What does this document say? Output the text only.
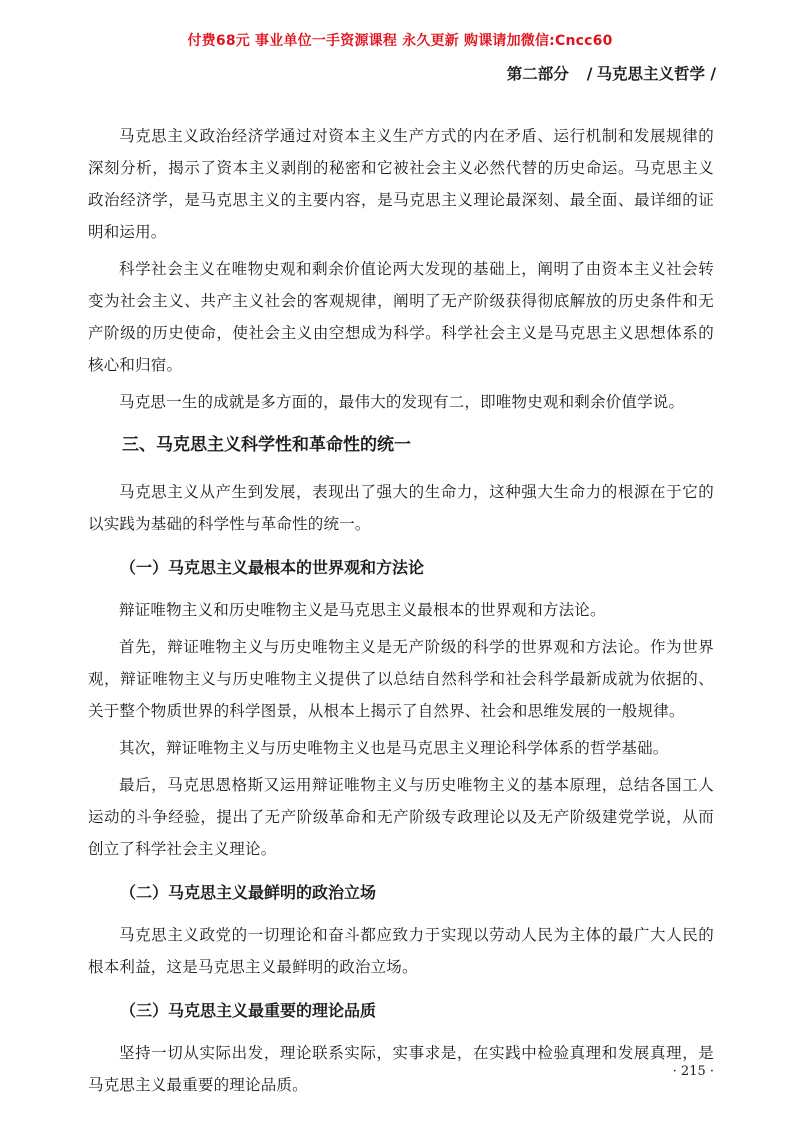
付费68元 事业单位一手资源课程 永久更新 购课请加微信:Cncc60
第二部分 / 马克思主义哲学 /

马克思主义政治经济学通过对资本主义生产方式的内在矛盾、运行机制和发展规律的深刻分析，揭示了资本主义剥削的秘密和它被社会主义必然代替的历史命运。马克思主义政治经济学，是马克思主义的主要内容，是马克思主义理论最深刻、最全面、最详细的证明和运用。

科学社会主义在唯物史观和剩余价值论两大发现的基础上，阐明了由资本主义社会转变为社会主义、共产主义社会的客观规律，阐明了无产阶级获得彻底解放的历史条件和无产阶级的历史使命，使社会主义由空想成为科学。科学社会主义是马克思主义思想体系的核心和归宿。

马克思一生的成就是多方面的，最伟大的发现有二，即唯物史观和剩余价值学说。

三、马克思主义科学性和革命性的统一

马克思主义从产生到发展，表现出了强大的生命力，这种强大生命力的根源在于它的以实践为基础的科学性与革命性的统一。

（一）马克思主义最根本的世界观和方法论

辩证唯物主义和历史唯物主义是马克思主义最根本的世界观和方法论。

首先，辩证唯物主义与历史唯物主义是无产阶级的科学的世界观和方法论。作为世界观，辩证唯物主义与历史唯物主义提供了以总结自然科学和社会科学最新成就为依据的、关于整个物质世界的科学图景，从根本上揭示了自然界、社会和思维发展的一般规律。

其次，辩证唯物主义与历史唯物主义也是马克思主义理论科学体系的哲学基础。

最后，马克思恩格斯又运用辩证唯物主义与历史唯物主义的基本原理，总结各国工人运动的斗争经验，提出了无产阶级革命和无产阶级专政理论以及无产阶级建党学说，从而创立了科学社会主义理论。

（二）马克思主义最鲜明的政治立场

马克思主义政党的一切理论和奋斗都应致力于实现以劳动人民为主体的最广大人民的根本利益，这是马克思主义最鲜明的政治立场。

（三）马克思主义最重要的理论品质

坚持一切从实际出发，理论联系实际，实事求是，在实践中检验真理和发展真理，是马克思主义最重要的理论品质。

· 215 ·
